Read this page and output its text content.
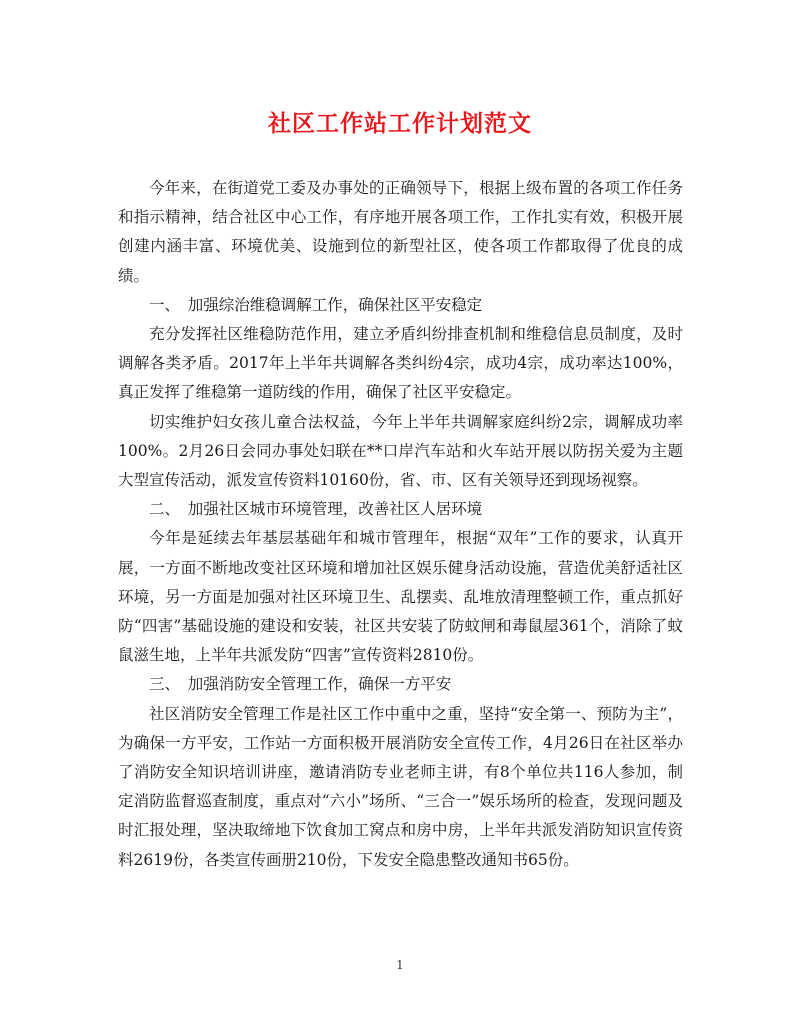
社区工作站工作计划范文

今年来，在街道党工委及办事处的正确领导下，根据上级布置的各项工作任务和指示精神，结合社区中心工作，有序地开展各项工作，工作扎实有效，积极开展创建内涵丰富、环境优美、设施到位的新型社区，使各项工作都取得了优良的成绩。

一、　加强综治维稳调解工作，确保社区平安稳定

充分发挥社区维稳防范作用，建立矛盾纠纷排查机制和维稳信息员制度，及时调解各类矛盾。2017年上半年共调解各类纠纷4宗，成功4宗，成功率达100%，真正发挥了维稳第一道防线的作用，确保了社区平安稳定。

切实维护妇女孩儿童合法权益，今年上半年共调解家庭纠纷2宗，调解成功率100%。2月26日会同办事处妇联在**口岸汽车站和火车站开展以防拐关爱为主题大型宣传活动，派发宣传资料10160份，省、市、区有关领导还到现场视察。

二、　加强社区城市环境管理，改善社区人居环境

今年是延续去年基层基础年和城市管理年，根据“双年”工作的要求，认真开展，一方面不断地改变社区环境和增加社区娱乐健身活动设施，营造优美舒适社区环境，另一方面是加强对社区环境卫生、乱摆卖、乱堆放清理整顿工作，重点抓好防“四害”基础设施的建设和安装，社区共安装了防蚊闸和毒鼠屋361个，消除了蚊鼠滋生地，上半年共派发防“四害”宣传资料2810份。

三、　加强消防安全管理工作，确保一方平安

社区消防安全管理工作是社区工作中重中之重，坚持“安全第一、预防为主”，为确保一方平安，工作站一方面积极开展消防安全宣传工作，4月26日在社区举办了消防安全知识培训讲座，邀请消防专业老师主讲，有8个单位共116人参加，制定消防监督巡查制度，重点对“六小”场所、“三合一”娱乐场所的检查，发现问题及时汇报处理，坚决取缔地下饮食加工窝点和房中房，上半年共派发消防知识宣传资料2619份，各类宣传画册210份，下发安全隐患整改通知书65份。

1
